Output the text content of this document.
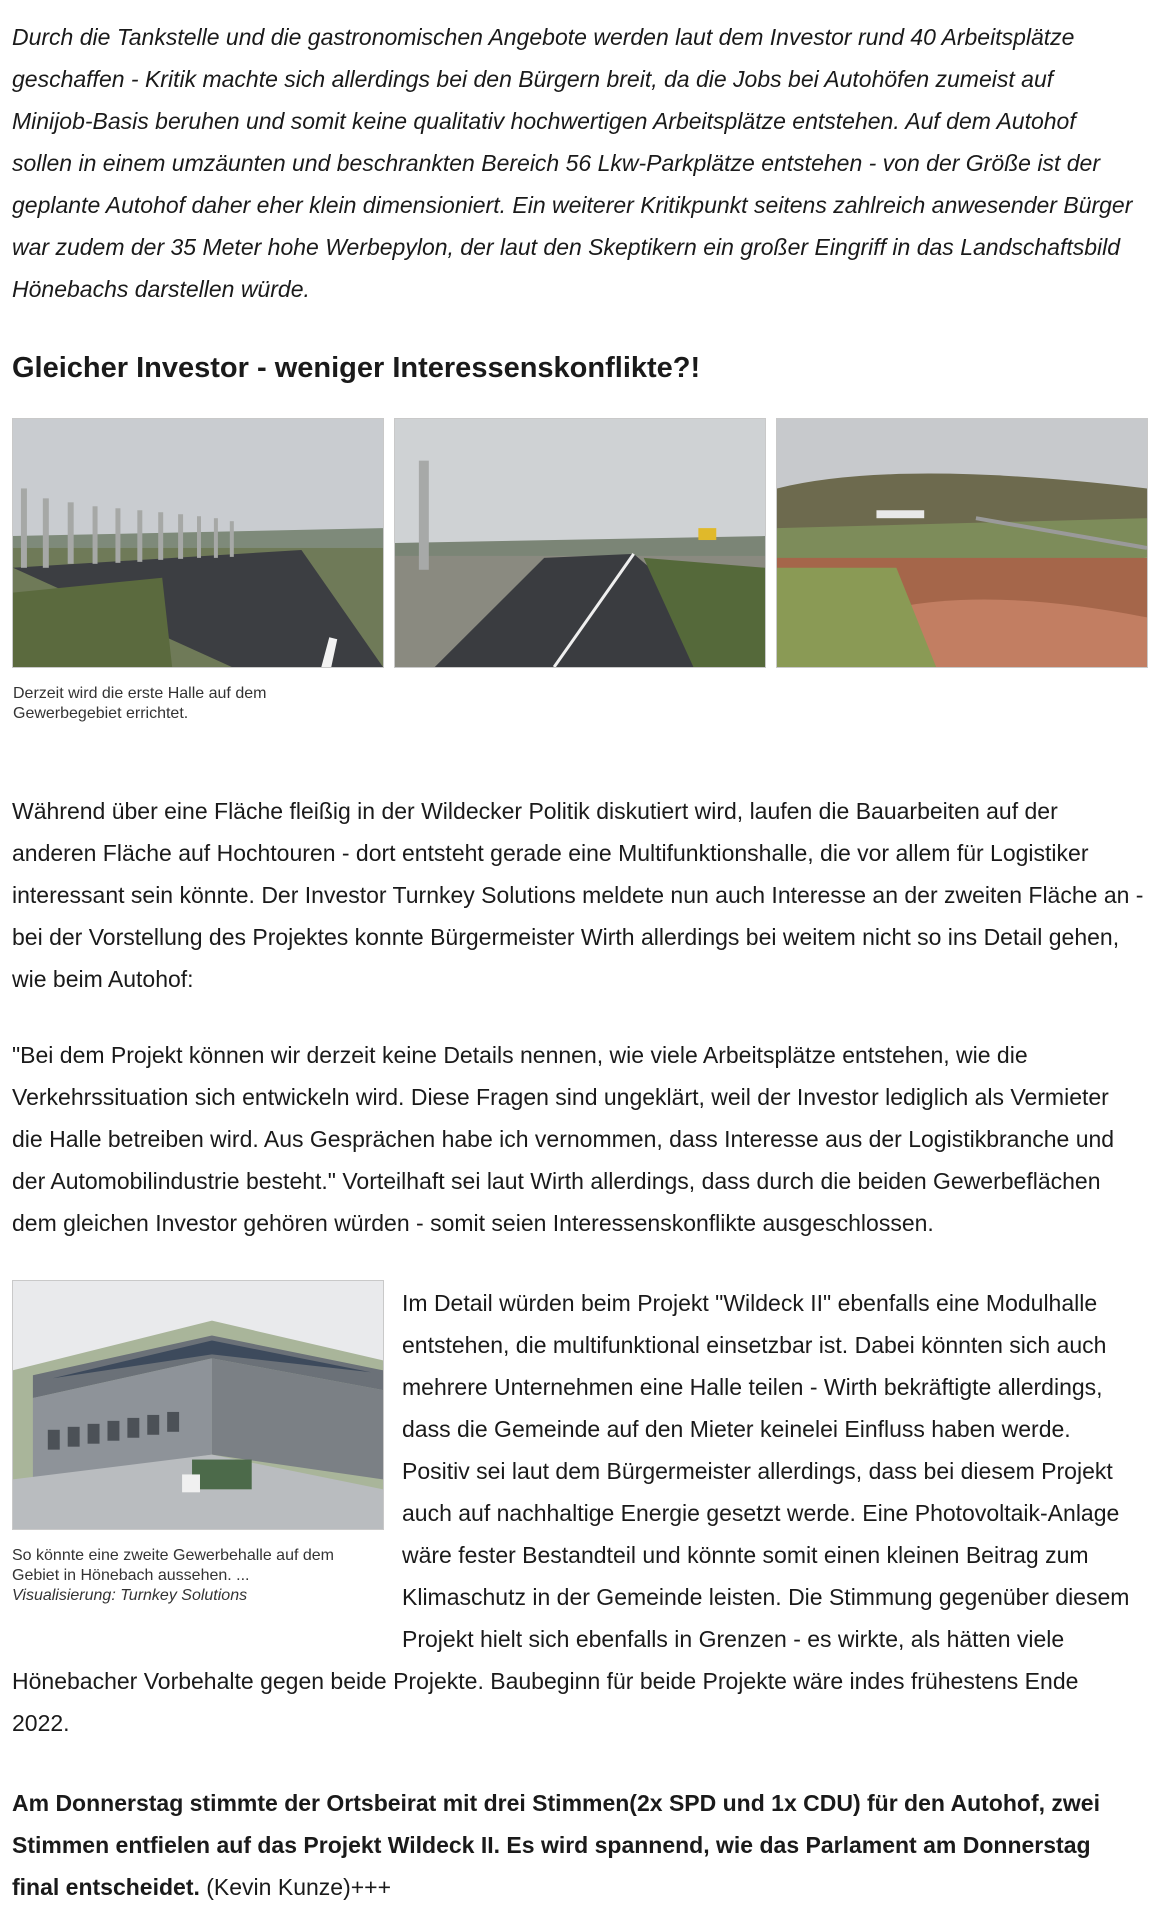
Durch die Tankstelle und die gastronomischen Angebote werden laut dem Investor rund 40 Arbeitsplätze geschaffen - Kritik machte sich allerdings bei den Bürgern breit, da die Jobs bei Autohöfen zumeist auf Minijob-Basis beruhen und somit keine qualitativ hochwertigen Arbeitsplätze entstehen. Auf dem Autohof sollen in einem umzäunten und beschrankten Bereich 56 Lkw-Parkplätze entstehen - von der Größe ist der geplante Autohof daher eher klein dimensioniert. Ein weiterer Kritikpunkt seitens zahlreich anwesender Bürger war zudem der 35 Meter hohe Werbepylon, der laut den Skeptikern ein großer Eingriff in das Landschaftsbild Hönebachs darstellen würde.

Gleicher Investor - weniger Interessenskonflikte?!
Derzeit wird die erste Halle auf dem Gewerbegebiet errichtet.

Während über eine Fläche fleißig in der Wildecker Politik diskutiert wird, laufen die Bauarbeiten auf der anderen Fläche auf Hochtouren - dort entsteht gerade eine Multifunktionshalle, die vor allem für Logistiker interessant sein könnte. Der Investor Turnkey Solutions meldete nun auch Interesse an der zweiten Fläche an - bei der Vorstellung des Projektes konnte Bürgermeister Wirth allerdings bei weitem nicht so ins Detail gehen, wie beim Autohof:

"Bei dem Projekt können wir derzeit keine Details nennen, wie viele Arbeitsplätze entstehen, wie die Verkehrssituation sich entwickeln wird. Diese Fragen sind ungeklärt, weil der Investor lediglich als Vermieter die Halle betreiben wird. Aus Gesprächen habe ich vernommen, dass Interesse aus der Logistikbranche und der Automobilindustrie besteht." Vorteilhaft sei laut Wirth allerdings, dass durch die beiden Gewerbeflächen dem gleichen Investor gehören würden - somit seien Interessenskonflikte ausgeschlossen.

So könnte eine zweite Gewerbehalle auf dem Gebiet in Hönebach aussehen. ...
Visualisierung: Turnkey Solutions

Im Detail würden beim Projekt "Wildeck II" ebenfalls eine Modulhalle entstehen, die multifunktional einsetzbar ist. Dabei könnten sich auch mehrere Unternehmen eine Halle teilen - Wirth bekräftigte allerdings, dass die Gemeinde auf den Mieter keinelei Einfluss haben werde. Positiv sei laut dem Bürgermeister allerdings, dass bei diesem Projekt auch auf nachhaltige Energie gesetzt werde. Eine Photovoltaik-Anlage wäre fester Bestandteil und könnte somit einen kleinen Beitrag zum Klimaschutz in der Gemeinde leisten. Die Stimmung gegenüber diesem Projekt hielt sich ebenfalls in Grenzen - es wirkte, als hätten viele Hönebacher Vorbehalte gegen beide Projekte. Baubeginn für beide Projekte wäre indes frühestens Ende 2022.

Am Donnerstag stimmte der Ortsbeirat mit drei Stimmen(2x SPD und 1x CDU) für den Autohof, zwei Stimmen entfielen auf das Projekt Wildeck II. Es wird spannend, wie das Parlament am Donnerstag final entscheidet. (Kevin Kunze)+++
